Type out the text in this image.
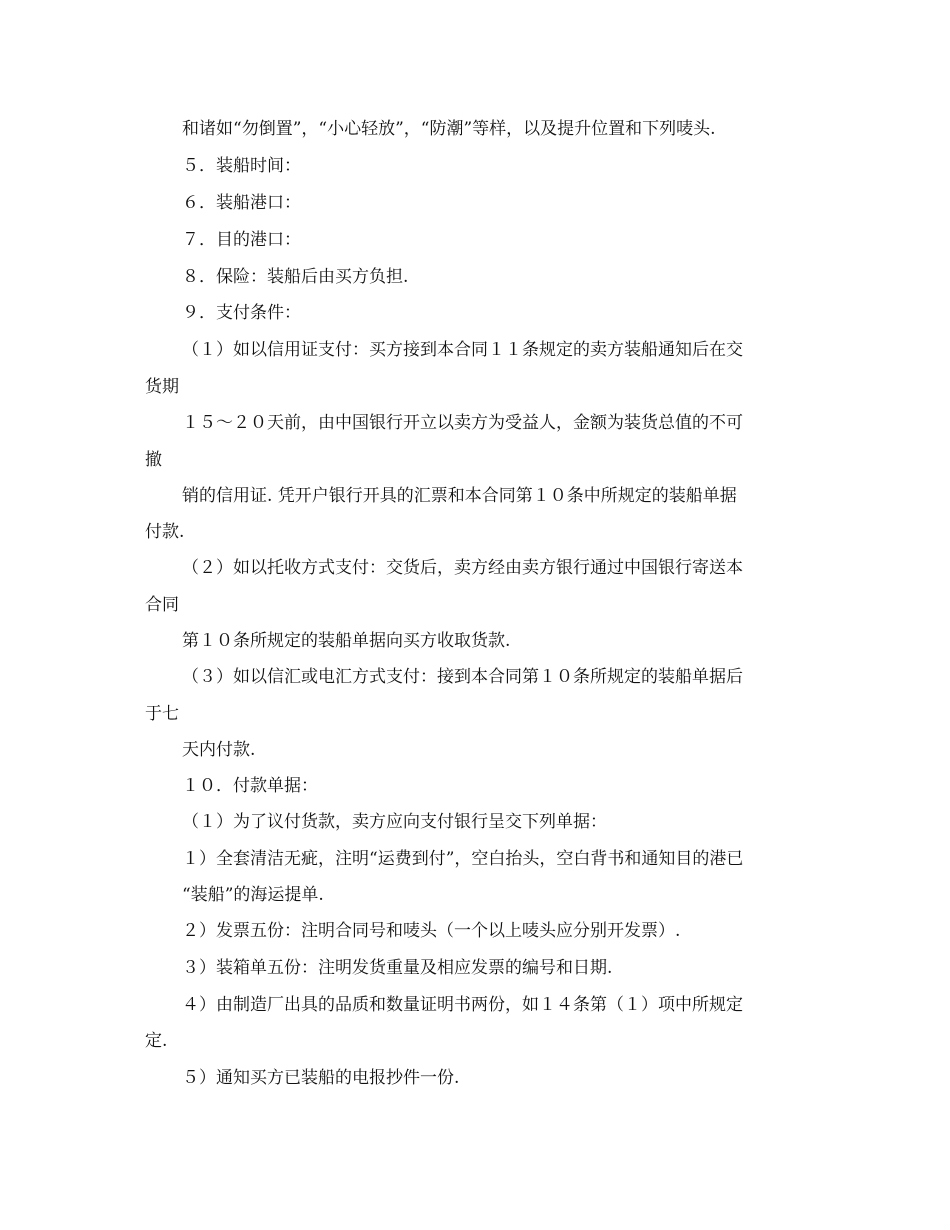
和诸如“勿倒置”，“小心轻放”，“防潮”等样，以及提升位置和下列唛头.
５．装船时间：
６．装船港口：
７．目的港口：
８．保险：装船后由买方负担.
９．支付条件：
（１）如以信用证支付：买方接到本合同１１条规定的卖方装船通知后在交
货期
１５～２０天前，由中国银行开立以卖方为受益人，金额为装货总值的不可
撤
销的信用证. 凭开户银行开具的汇票和本合同第１０条中所规定的装船单据
付款.
（２）如以托收方式支付：交货后，卖方经由卖方银行通过中国银行寄送本
合同
第１０条所规定的装船单据向买方收取货款.
（３）如以信汇或电汇方式支付：接到本合同第１０条所规定的装船单据后
于七
天内付款.
１０．付款单据：
（１）为了议付货款，卖方应向支付银行呈交下列单据：
１）全套清洁无疵，注明“运费到付”，空白抬头，空白背书和通知目的港已
“装船”的海运提单.
２）发票五份：注明合同号和唛头（一个以上唛头应分别开发票）.
３）装箱单五份：注明发货重量及相应发票的编号和日期.
４）由制造厂出具的品质和数量证明书两份，如１４条第（１）项中所规定
定.
５）通知买方已装船的电报抄件一份.
